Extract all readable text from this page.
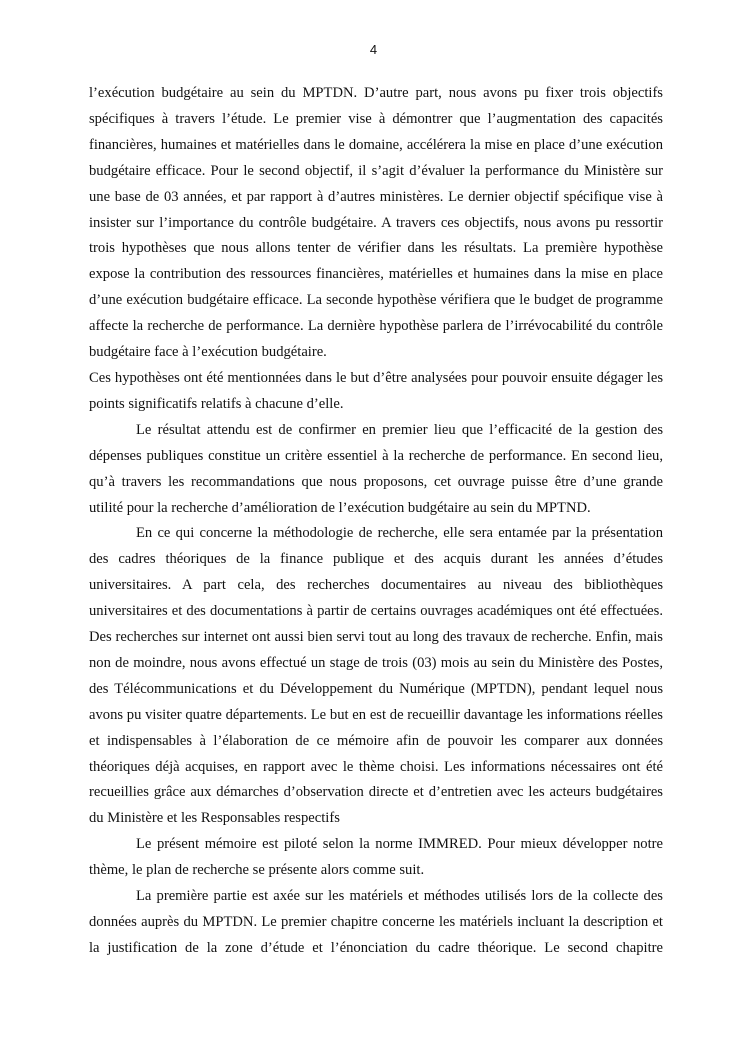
4

l’exécution budgétaire au sein du MPTDN. D’autre part, nous avons pu fixer trois objectifs spécifiques à travers l’étude. Le premier vise à démontrer que l’augmentation des capacités financières, humaines et matérielles dans le domaine, accélérera la mise en place d’une exécution budgétaire efficace. Pour le second objectif, il s’agit d’évaluer la performance du Ministère sur une base de 03 années, et par rapport à d’autres ministères. Le dernier objectif spécifique vise à insister sur l’importance du contrôle budgétaire. A travers ces objectifs, nous avons pu ressortir trois hypothèses que nous allons tenter de vérifier dans les résultats. La première hypothèse expose la contribution des ressources financières, matérielles et humaines dans la mise en place d’une exécution budgétaire efficace. La seconde hypothèse vérifiera que le budget de programme affecte la recherche de performance. La dernière hypothèse parlera de l’irrévocabilité du contrôle budgétaire face à l’exécution budgétaire.

Ces hypothèses ont été mentionnées dans le but d’être analysées pour pouvoir ensuite dégager les points significatifs relatifs à chacune d’elle.

Le résultat attendu est de confirmer en premier lieu que l’efficacité de la gestion des dépenses publiques constitue un critère essentiel à la recherche de performance. En second lieu, qu’à travers les recommandations que nous proposons, cet ouvrage puisse être d’une grande utilité pour la recherche d’amélioration de l’exécution budgétaire au sein du MPTND.

En ce qui concerne la méthodologie de recherche, elle sera entamée par la présentation des cadres théoriques de la finance publique et des acquis durant les années d’études universitaires. A part cela, des recherches documentaires au niveau des bibliothèques universitaires et des documentations à partir de certains ouvrages académiques ont été effectuées. Des recherches sur internet ont aussi bien servi tout au long des travaux de recherche. Enfin, mais non de moindre, nous avons effectué un stage de trois (03) mois au sein du Ministère des Postes, des Télécommunications et du Développement du Numérique (MPTDN), pendant lequel nous avons pu visiter quatre départements. Le but en est de recueillir davantage les informations réelles et indispensables à l’élaboration de ce mémoire afin de pouvoir les comparer aux données théoriques déjà acquises, en rapport avec le thème choisi. Les informations nécessaires ont été recueillies grâce aux démarches d’observation directe et d’entretien avec les acteurs budgétaires du Ministère et les Responsables respectifs

Le présent mémoire est piloté selon la norme IMMRED. Pour mieux développer notre thème, le plan de recherche se présente alors comme suit.

La première partie est axée sur les matériels et méthodes utilisés lors de la collecte des données auprès du MPTDN. Le premier chapitre concerne les matériels incluant la description et la justification de la zone d’étude et l’énonciation du cadre théorique. Le second chapitre
